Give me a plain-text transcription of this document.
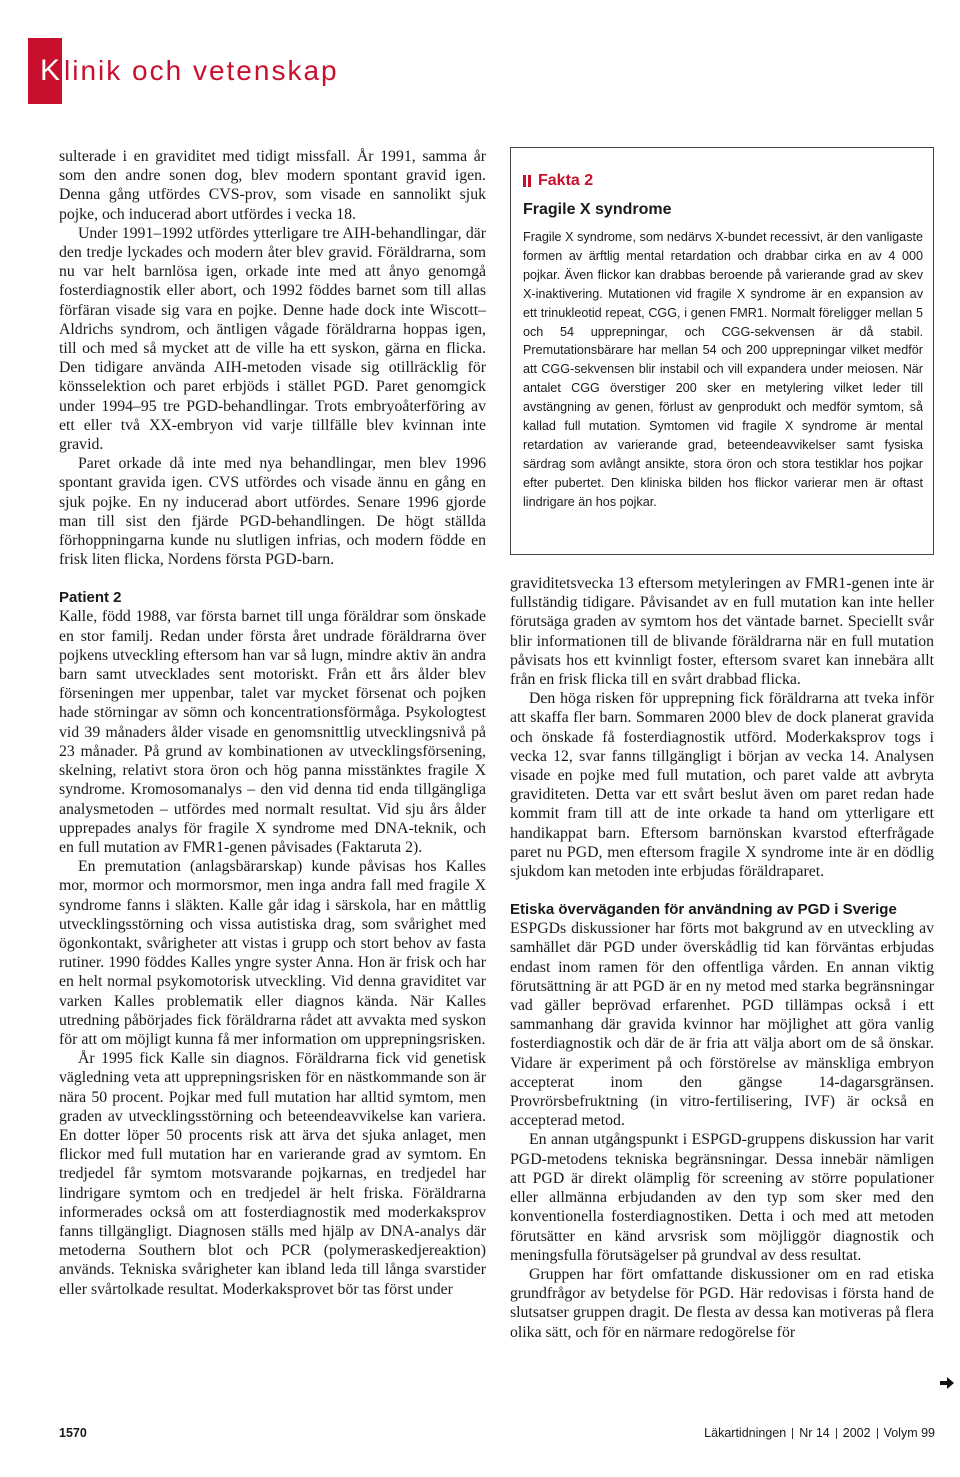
K linik och vetenskap

sulterade i en graviditet med tidigt missfall. År 1991, samma år som den andre sonen dog, blev modern spontant gravid igen. Denna gång utfördes CVS-prov, som visade en sannolikt sjuk pojke, och inducerad abort utfördes i vecka 18.

Under 1991–1992 utfördes ytterligare tre AIH-behandlingar, där den tredje lyckades och modern åter blev gravid. Föräldrarna, som nu var helt barnlösa igen, orkade inte med att ånyo genomgå fosterdiagnostik eller abort, och 1992 föddes barnet som till allas förfäran visade sig vara en pojke. Denne hade dock inte Wiscott–Aldrichs syndrom, och äntligen vågade föräldrarna hoppas igen, till och med så mycket att de ville ha ett syskon, gärna en flicka. Den tidigare använda AIH-metoden visade sig otillräcklig för könsselektion och paret erbjöds i stället PGD. Paret genomgick under 1994–95 tre PGD-behandlingar. Trots embryoåterföring av ett eller två XX-embryon vid varje tillfälle blev kvinnan inte gravid.

Paret orkade då inte med nya behandlingar, men blev 1996 spontant gravida igen. CVS utfördes och visade ännu en gång en sjuk pojke. En ny inducerad abort utfördes. Senare 1996 gjorde man till sist den fjärde PGD-behandlingen. De högt ställda förhoppningarna kunde nu slutligen infrias, och modern födde en frisk liten flicka, Nordens första PGD-barn.

Patient 2

Kalle, född 1988, var första barnet till unga föräldrar som önskade en stor familj. Redan under första året undrade föräldrarna över pojkens utveckling eftersom han var så lugn, mindre aktiv än andra barn samt utvecklades sent motoriskt. Från ett års ålder blev förseningen mer uppenbar, talet var mycket försenat och pojken hade störningar av sömn och koncentrationsförmåga. Psykologtest vid 39 månaders ålder visade en genomsnittlig utvecklingsnivå på 23 månader. På grund av kombinationen av utvecklingsförsening, skelning, relativt stora öron och hög panna misstänktes fragile X syndrome. Kromosomanalys – den vid denna tid enda tillgängliga analysmetoden – utfördes med normalt resultat. Vid sju års ålder upprepades analys för fragile X syndrome med DNA-teknik, och en full mutation av FMR1-genen påvisades (Faktaruta 2).

En premutation (anlagsbärarskap) kunde påvisas hos Kalles mor, mormor och mormorsmor, men inga andra fall med fragile X syndrome fanns i släkten. Kalle går idag i särskola, har en måttlig utvecklingsstörning och vissa autistiska drag, som svårighet med ögonkontakt, svårigheter att vistas i grupp och stort behov av fasta rutiner. 1990 föddes Kalles yngre syster Anna. Hon är frisk och har en helt normal psykomotorisk utveckling. Vid denna graviditet var varken Kalles problematik eller diagnos kända. När Kalles utredning påbörjades fick föräldrarna rådet att avvakta med syskon för att om möjligt kunna få mer information om upprepningsrisken.

År 1995 fick Kalle sin diagnos. Föräldrarna fick vid genetisk vägledning veta att upprepningsrisken för en nästkommande son är nära 50 procent. Pojkar med full mutation har alltid symtom, men graden av utvecklingsstörning och beteendeavvikelse kan variera. En dotter löper 50 procents risk att ärva det sjuka anlaget, men flickor med full mutation har en varierande grad av symtom. En tredjedel får symtom motsvarande pojkarnas, en tredjedel har lindrigare symtom och en tredjedel är helt friska. Föräldrarna informerades också om att fosterdiagnostik med moderkaksprov fanns tillgängligt. Diagnosen ställs med hjälp av DNA-analys där metoderna Southern blot och PCR (polymeraskedjereaktion) används. Tekniska svårigheter kan ibland leda till långa svarstider eller svårtolkade resultat. Moderkaksprovet bör tas först under

Fakta 2
Fragile X syndrome
Fragile X syndrome, som nedärvs X-bundet recessivt, är den vanligaste formen av ärftlig mental retardation och drabbar cirka en av 4 000 pojkar. Även flickor kan drabbas beroende på varierande grad av skev X-inaktivering. Mutationen vid fragile X syndrome är en expansion av ett trinukleotid repeat, CGG, i genen FMR1. Normalt föreligger mellan 5 och 54 upprepningar, och CGG-sekvensen är då stabil. Premutationsbärare har mellan 54 och 200 upprepningar vilket medför att CGG-sekvensen blir instabil och vill expandera under meiosen. När antalet CGG överstiger 200 sker en metylering vilket leder till avstängning av genen, förlust av genprodukt och medför symtom, så kallad full mutation. Symtomen vid fragile X syndrome är mental retardation av varierande grad, beteendeavvikelser samt fysiska särdrag som avlångt ansikte, stora öron och stora testiklar hos pojkar efter pubertet. Den kliniska bilden hos flickor varierar men är oftast lindrigare än hos pojkar.

graviditetsvecka 13 eftersom metyleringen av FMR1-genen inte är fullständig tidigare. Påvisandet av en full mutation kan inte heller förutsäga graden av symtom hos det väntade barnet. Speciellt svår blir informationen till de blivande föräldrarna när en full mutation påvisats hos ett kvinnligt foster, eftersom svaret kan innebära allt från en frisk flicka till en svårt drabbad flicka.

Den höga risken för upprepning fick föräldrarna att tveka inför att skaffa fler barn. Sommaren 2000 blev de dock planerat gravida och önskade få fosterdiagnostik utförd. Moderkaksprov togs i vecka 12, svar fanns tillgängligt i början av vecka 14. Analysen visade en pojke med full mutation, och paret valde att avbryta graviditeten. Detta var ett svårt beslut även om paret redan hade kommit fram till att de inte orkade ta hand om ytterligare ett handikappat barn. Eftersom barnönskan kvarstod efterfrågade paret nu PGD, men eftersom fragile X syndrome inte är en dödlig sjukdom kan metoden inte erbjudas föräldraparet.

Etiska överväganden för användning av PGD i Sverige

ESPGDs diskussioner har förts mot bakgrund av en utveckling av samhället där PGD under överskådlig tid kan förväntas erbjudas endast inom ramen för den offentliga vården. En annan viktig förutsättning är att PGD är en ny metod med starka begränsningar vad gäller beprövad erfarenhet. PGD tillämpas också i ett sammanhang där gravida kvinnor har möjlighet att göra vanlig fosterdiagnostik och där de är fria att välja abort om de så önskar. Vidare är experiment på och förstörelse av mänskliga embryon accepterat inom den gängse 14-dagarsgränsen. Provrörsbefruktning (in vitro-fertilisering, IVF) är också en accepterad metod.

En annan utgångspunkt i ESPGD-gruppens diskussion har varit PGD-metodens tekniska begränsningar. Dessa innebär nämligen att PGD är direkt olämplig för screening av större populationer eller allmänna erbjudanden av den typ som sker med den konventionella fosterdiagnostiken. Detta i och med att metoden förutsätter en känd arvsrisk som möjliggör diagnostik och meningsfulla förutsägelser på grundval av dess resultat.

Gruppen har fört omfattande diskussioner om en rad etiska grundfrågor av betydelse för PGD. Här redovisas i första hand de slutsatser gruppen dragit. De flesta av dessa kan motiveras på flera olika sätt, och för en närmare redogörelse för

1570	Läkartidningen Nr 14 2002 Volym 99
